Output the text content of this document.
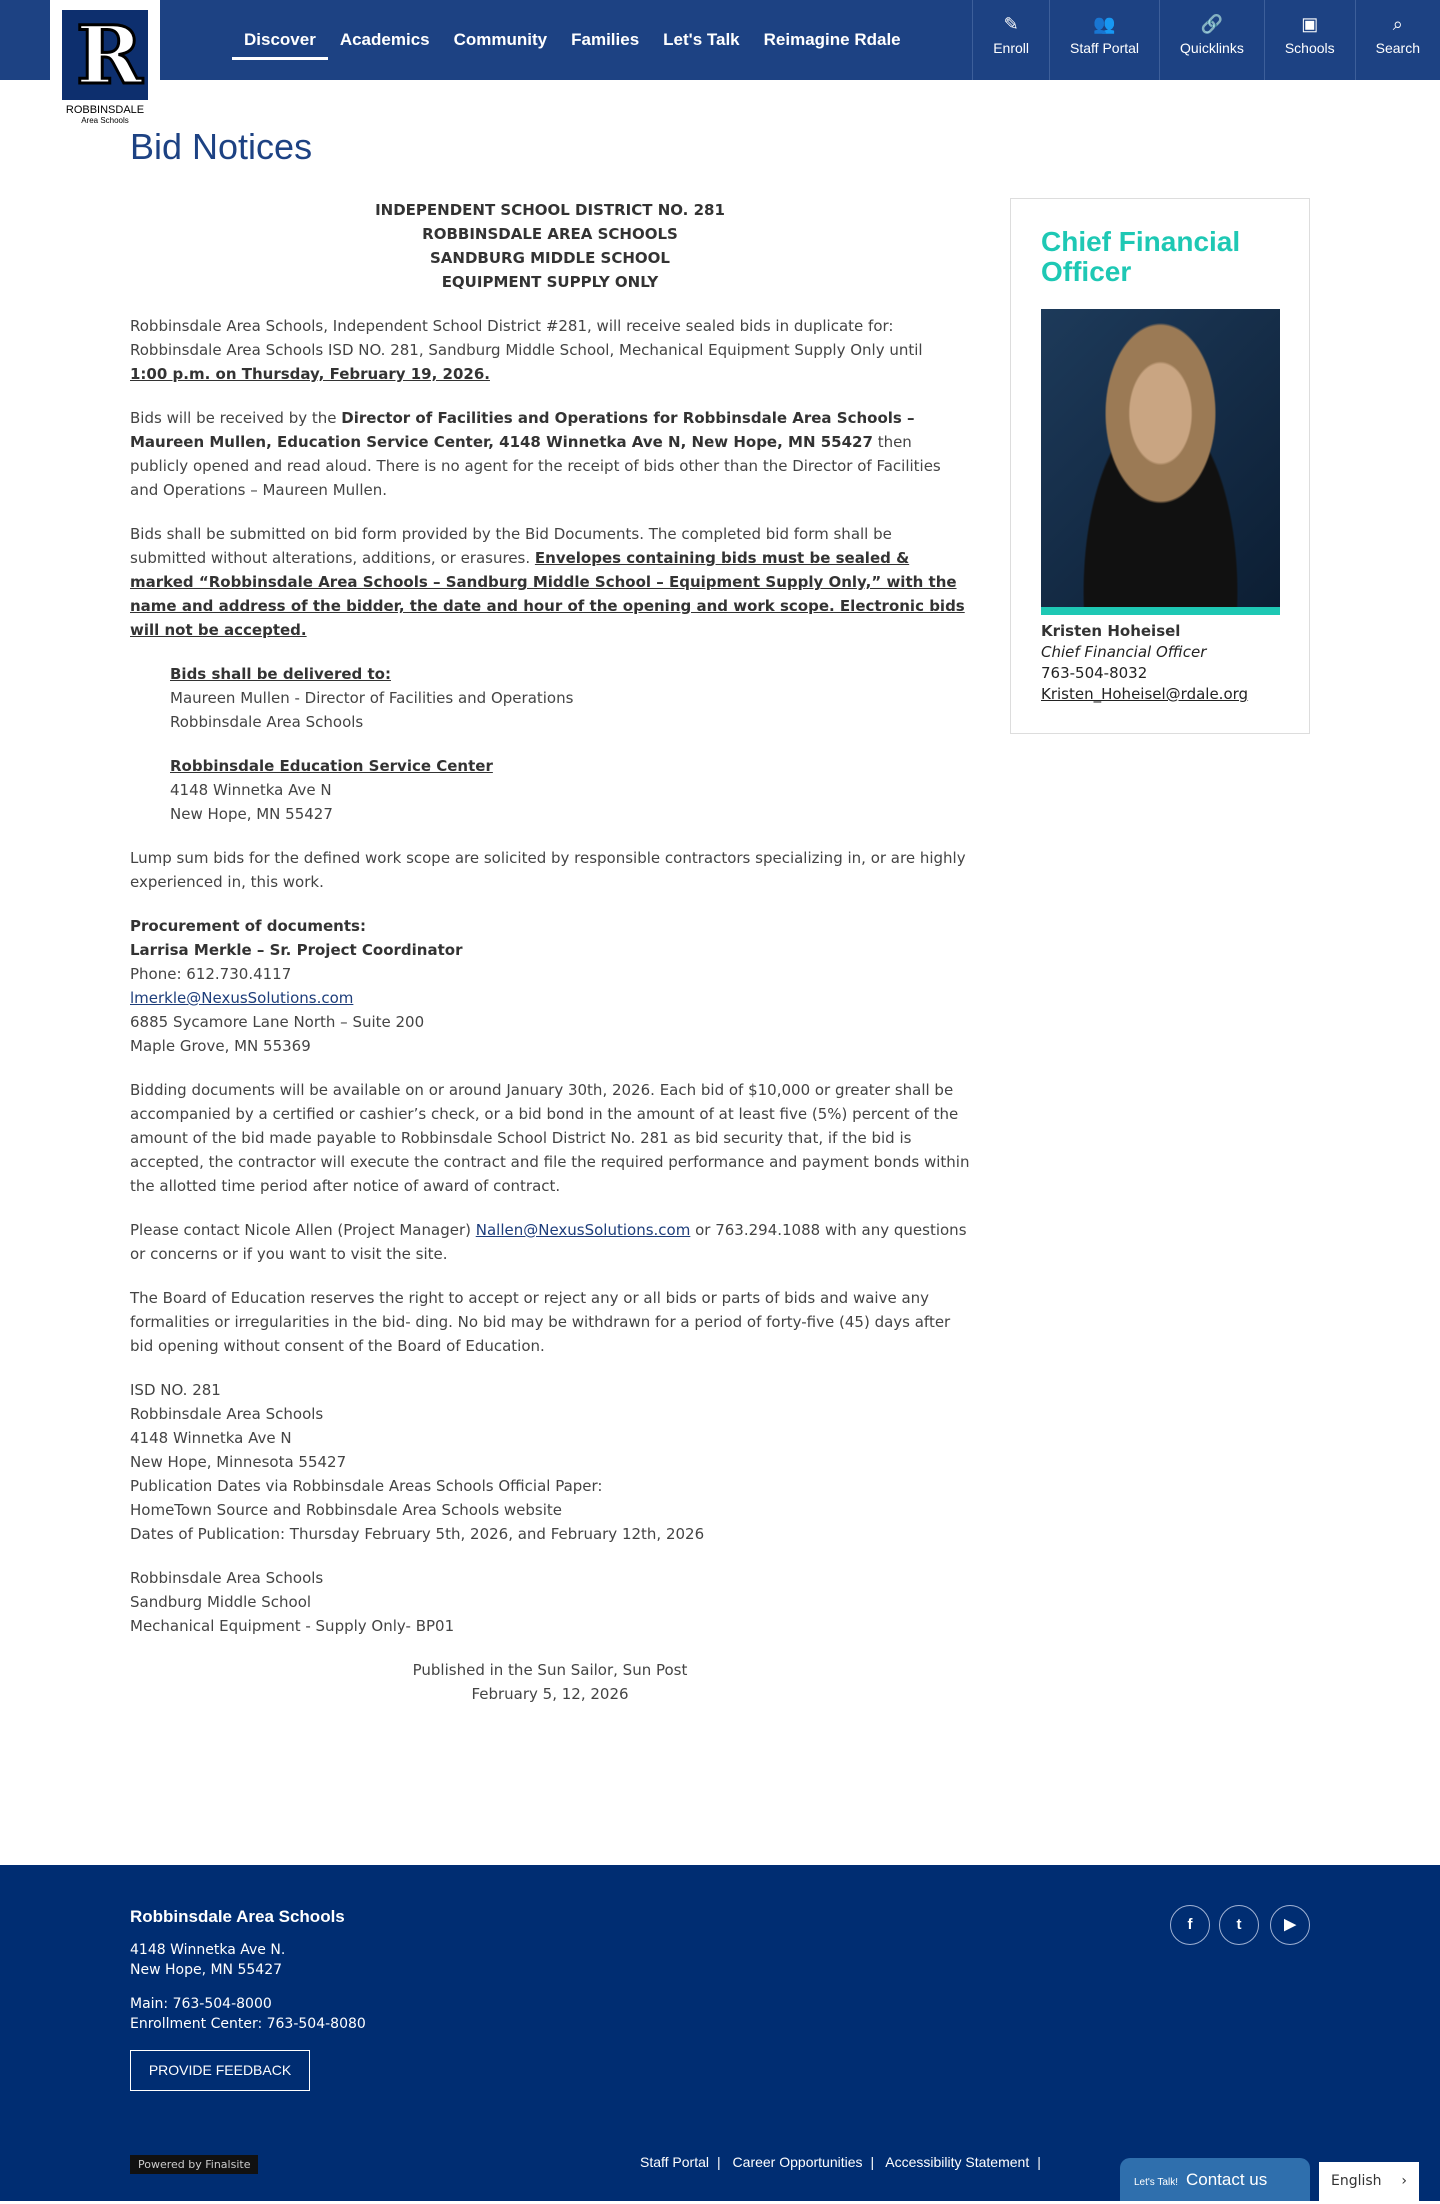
Discover	Academics	Community	Families	Let's Talk	Reimagine Rdale
✎
Enroll
👥
Staff Portal
🔗
Quicklinks
▣
Schools
⌕
Search
R
ROBBINSDALE
Area Schools
Bid Notices

INDEPENDENT SCHOOL DISTRICT NO. 281
ROBBINSDALE AREA SCHOOLS
SANDBURG MIDDLE SCHOOL
EQUIPMENT SUPPLY ONLY

Robbinsdale Area Schools, Independent School District #281, will receive sealed bids in duplicate for: Robbinsdale Area Schools ISD NO. 281, Sandburg Middle School, Mechanical Equipment Supply Only until
1:00 p.m. on Thursday, February 19, 2026.

Bids will be received by the Director of Facilities and Operations for Robbinsdale Area Schools – Maureen Mullen, Education Service Center, 4148 Winnetka Ave N, New Hope, MN 55427 then publicly opened and read aloud. There is no agent for the receipt of bids other than the Director of Facilities and Operations – Maureen Mullen.

Bids shall be submitted on bid form provided by the Bid Documents. The completed bid form shall be submitted without alterations, additions, or erasures. Envelopes containing bids must be sealed & marked “Robbinsdale Area Schools – Sandburg Middle School – Equipment Supply Only,” with the name and address of the bidder, the date and hour of the opening and work scope. Electronic bids will not be accepted.

Bids shall be delivered to:
Maureen Mullen - Director of Facilities and Operations
Robbinsdale Area Schools

Robbinsdale Education Service Center
4148 Winnetka Ave N
New Hope, MN 55427

Lump sum bids for the defined work scope are solicited by responsible contractors specializing in, or are highly experienced in, this work.

Procurement of documents:
Larrisa Merkle – Sr. Project Coordinator
Phone: 612.730.4117
lmerkle@NexusSolutions.com
6885 Sycamore Lane North – Suite 200
Maple Grove, MN 55369

Bidding documents will be available on or around January 30th, 2026. Each bid of $10,000 or greater shall be accompanied by a certified or cashier’s check, or a bid bond in the amount of at least five (5%) percent of the amount of the bid made payable to Robbinsdale School District No. 281 as bid security that, if the bid is accepted, the contractor will execute the contract and file the required performance and payment bonds within the allotted time period after notice of award of contract.

Please contact Nicole Allen (Project Manager) Nallen@NexusSolutions.com or 763.294.1088 with any questions or concerns or if you want to visit the site.

The Board of Education reserves the right to accept or reject any or all bids or parts of bids and waive any formalities or irregularities in the bid- ding. No bid may be withdrawn for a period of forty-five (45) days after bid opening without consent of the Board of Education.

ISD NO. 281
Robbinsdale Area Schools
4148 Winnetka Ave N
New Hope, Minnesota 55427
Publication Dates via Robbinsdale Areas Schools Official Paper:
HomeTown Source and Robbinsdale Area Schools website
Dates of Publication: Thursday February 5th, 2026, and February 12th, 2026

Robbinsdale Area Schools
Sandburg Middle School
Mechanical Equipment - Supply Only- BP01

Published in the Sun Sailor, Sun Post
February 5, 12, 2026

Chief Financial Officer
Kristen Hoheisel
Chief Financial Officer
763-504-8032
Kristen_Hoheisel@rdale.org
Robbinsdale Area Schools
4148 Winnetka Ave N.
New Hope, MN 55427
Main: 763-504-8000
Enrollment Center: 763-504-8080
PROVIDE FEEDBACK
f	t	▶
Powered by Finalsite	Staff Portal | Career Opportunities | Accessibility Statement |
Let's Talk! Contact us	English ›
